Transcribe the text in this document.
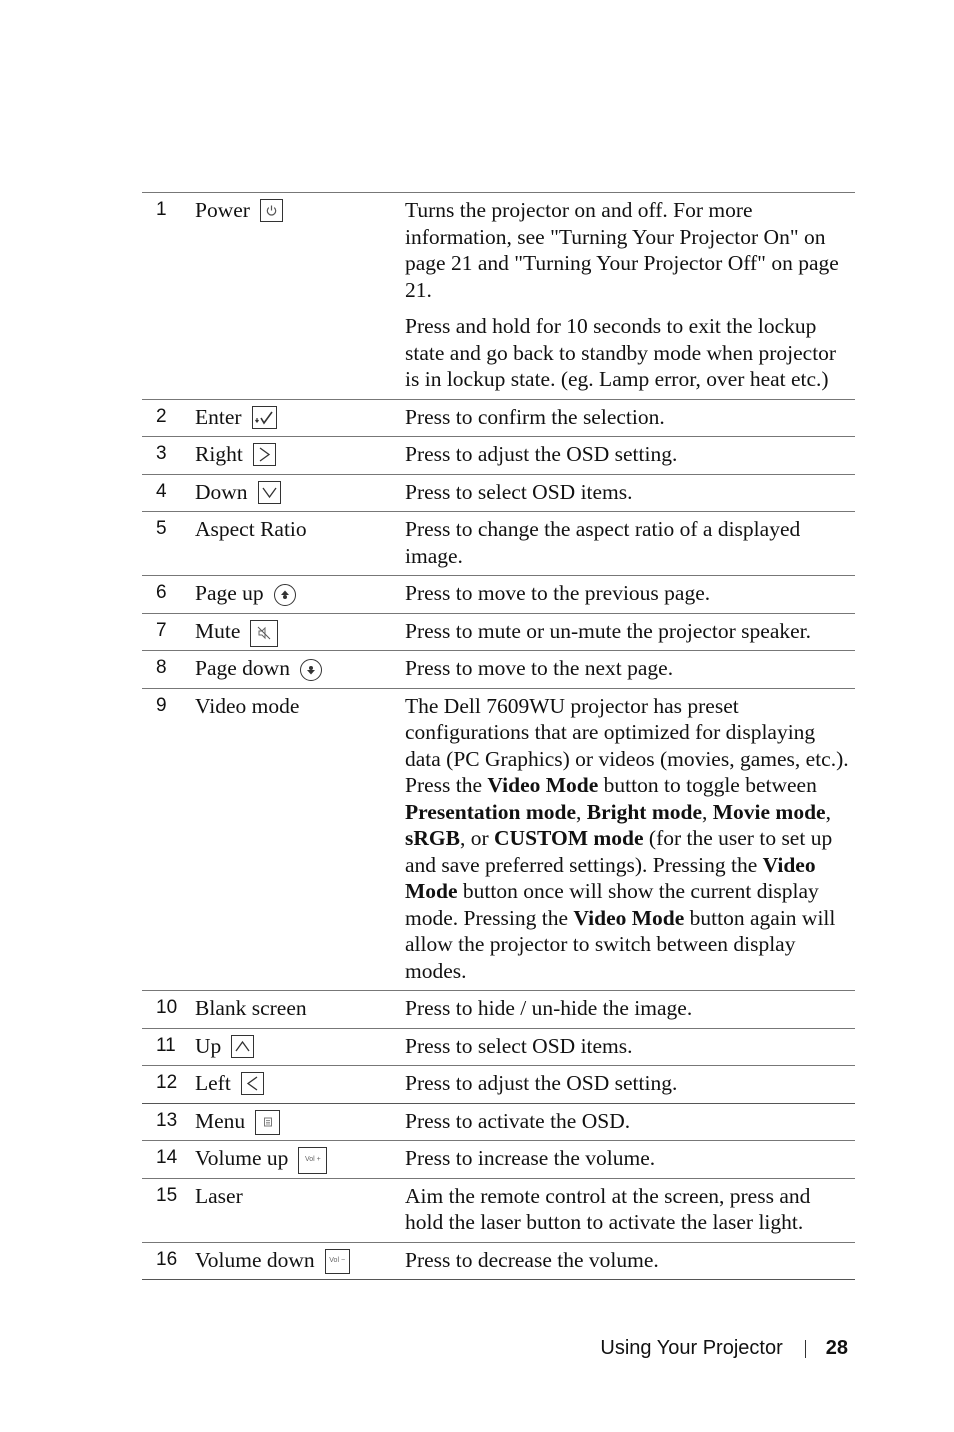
1	Power	Turns the projector on and off. For more information, see "Turning Your Projector On" on page 21 and "Turning Your Projector Off" on page 21.

Press and hold for 10 seconds to exit the lockup state and go back to standby mode when projector is in lockup state. (eg. Lamp error, over heat etc.)

2	Enter	Press to confirm the selection.

3	Right	Press to adjust the OSD setting.

4	Down	Press to select OSD items.

5	Aspect Ratio	Press to change the aspect ratio of a displayed image.

6	Page up	Press to move to the previous page.

7	Mute	Press to mute or un-mute the projector speaker.

8	Page down	Press to move to the next page.

9	Video mode	The Dell 7609WU projector has preset configurations that are optimized for displaying data (PC Graphics) or videos (movies, games, etc.). Press the Video Mode button to toggle between Presentation mode, Bright mode, Movie mode, sRGB, or CUSTOM mode (for the user to set up and save preferred settings). Pressing the Video Mode button once will show the current display mode. Pressing the Video Mode button again will allow the projector to switch between display modes.

10 Blank screen	Press to hide / un-hide the image.

11 Up	Press to select OSD items.

12 Left	Press to adjust the OSD setting.

13 Menu	Press to activate the OSD.

14 Volume up	Vol +	Press to increase the volume.

15 Laser	Aim the remote control at the screen, press and hold the laser button to activate the laser light.

16 Volume down	Vol −	Press to decrease the volume.

Using Your Projector 28
